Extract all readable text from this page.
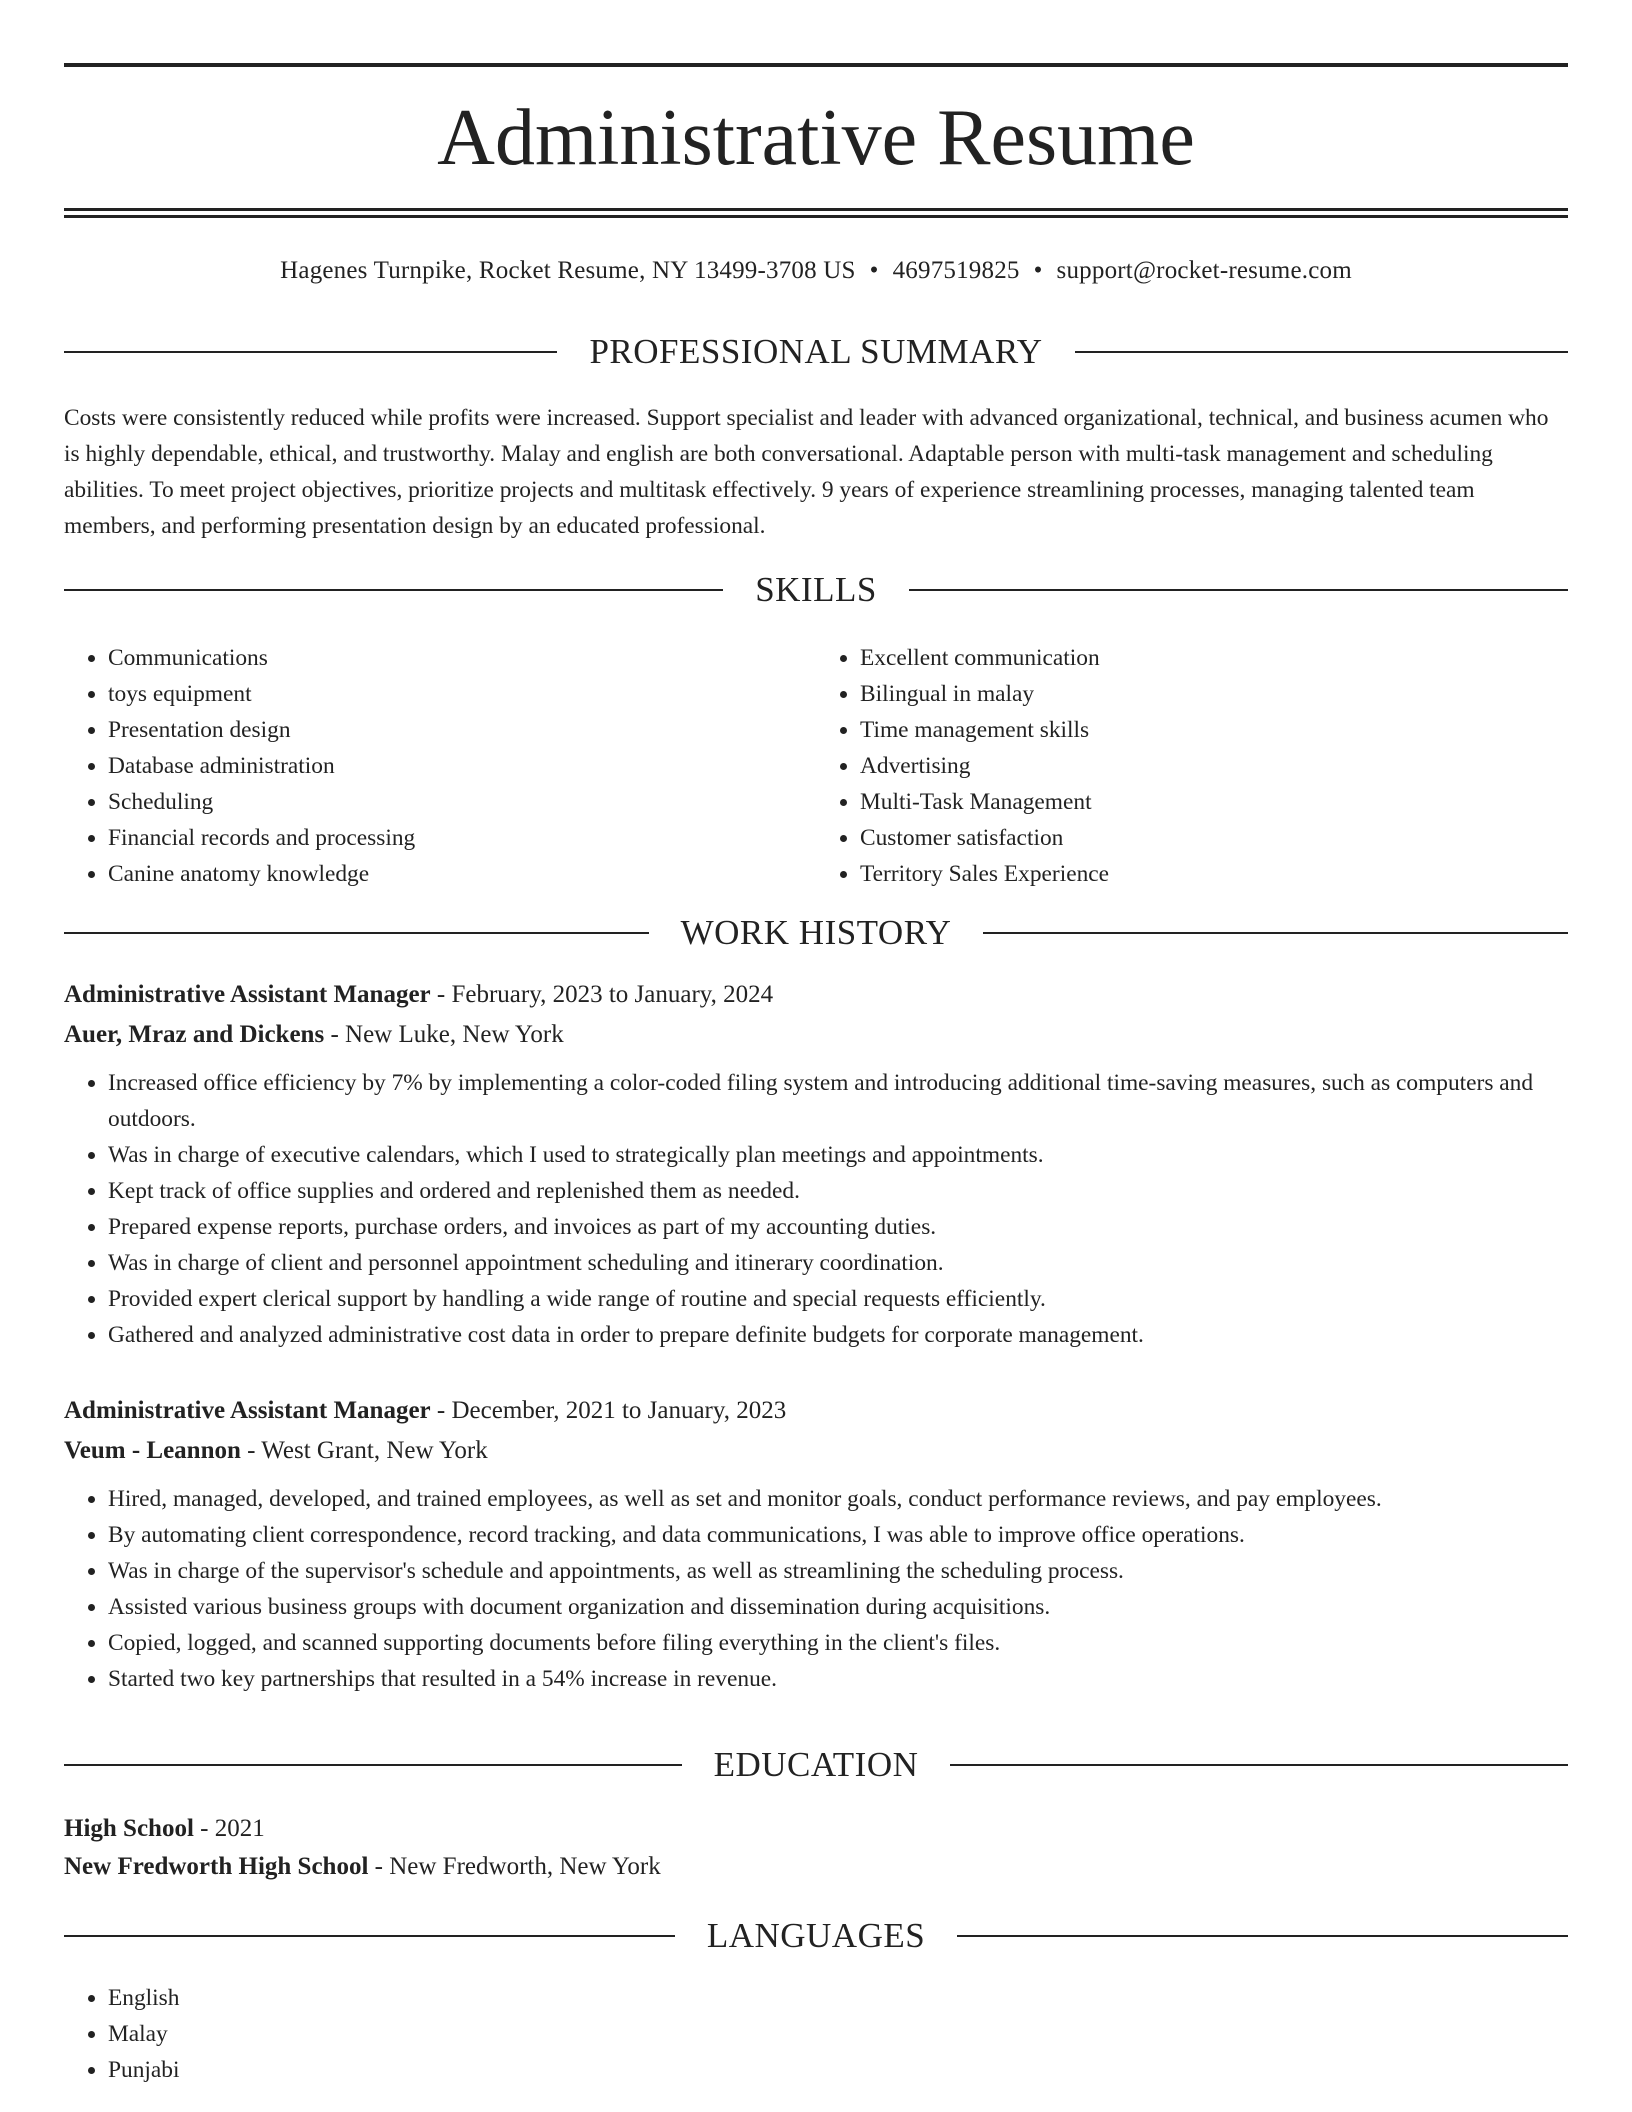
Administrative Resume
Hagenes Turnpike, Rocket Resume, NY 13499-3708 US • 4697519825 • support@rocket-resume.com
PROFESSIONAL SUMMARY

Costs were consistently reduced while profits were increased. Support specialist and leader with advanced organizational, technical, and business acumen who is highly dependable, ethical, and trustworthy. Malay and english are both conversational. Adaptable person with multi-task management and scheduling abilities. To meet project objectives, prioritize projects and multitask effectively. 9 years of experience streamlining processes, managing talented team members, and performing presentation design by an educated professional.

SKILLS
• Communications
• toys equipment
• Presentation design
• Database administration
• Scheduling
• Financial records and processing
• Canine anatomy knowledge
• Excellent communication
• Bilingual in malay
• Time management skills
• Advertising
• Multi-Task Management
• Customer satisfaction
• Territory Sales Experience
WORK HISTORY
Administrative Assistant Manager - February, 2023 to January, 2024
Auer, Mraz and Dickens - New Luke, New York
• Increased office efficiency by 7% by implementing a color-coded filing system and introducing additional time-saving measures, such as computers and outdoors.
• Was in charge of executive calendars, which I used to strategically plan meetings and appointments.
• Kept track of office supplies and ordered and replenished them as needed.
• Prepared expense reports, purchase orders, and invoices as part of my accounting duties.
• Was in charge of client and personnel appointment scheduling and itinerary coordination.
• Provided expert clerical support by handling a wide range of routine and special requests efficiently.
• Gathered and analyzed administrative cost data in order to prepare definite budgets for corporate management.
Administrative Assistant Manager - December, 2021 to January, 2023
Veum - Leannon - West Grant, New York
• Hired, managed, developed, and trained employees, as well as set and monitor goals, conduct performance reviews, and pay employees.
• By automating client correspondence, record tracking, and data communications, I was able to improve office operations.
• Was in charge of the supervisor's schedule and appointments, as well as streamlining the scheduling process.
• Assisted various business groups with document organization and dissemination during acquisitions.
• Copied, logged, and scanned supporting documents before filing everything in the client's files.
• Started two key partnerships that resulted in a 54% increase in revenue.
EDUCATION
High School - 2021
New Fredworth High School - New Fredworth, New York
LANGUAGES
• English
• Malay
• Punjabi
